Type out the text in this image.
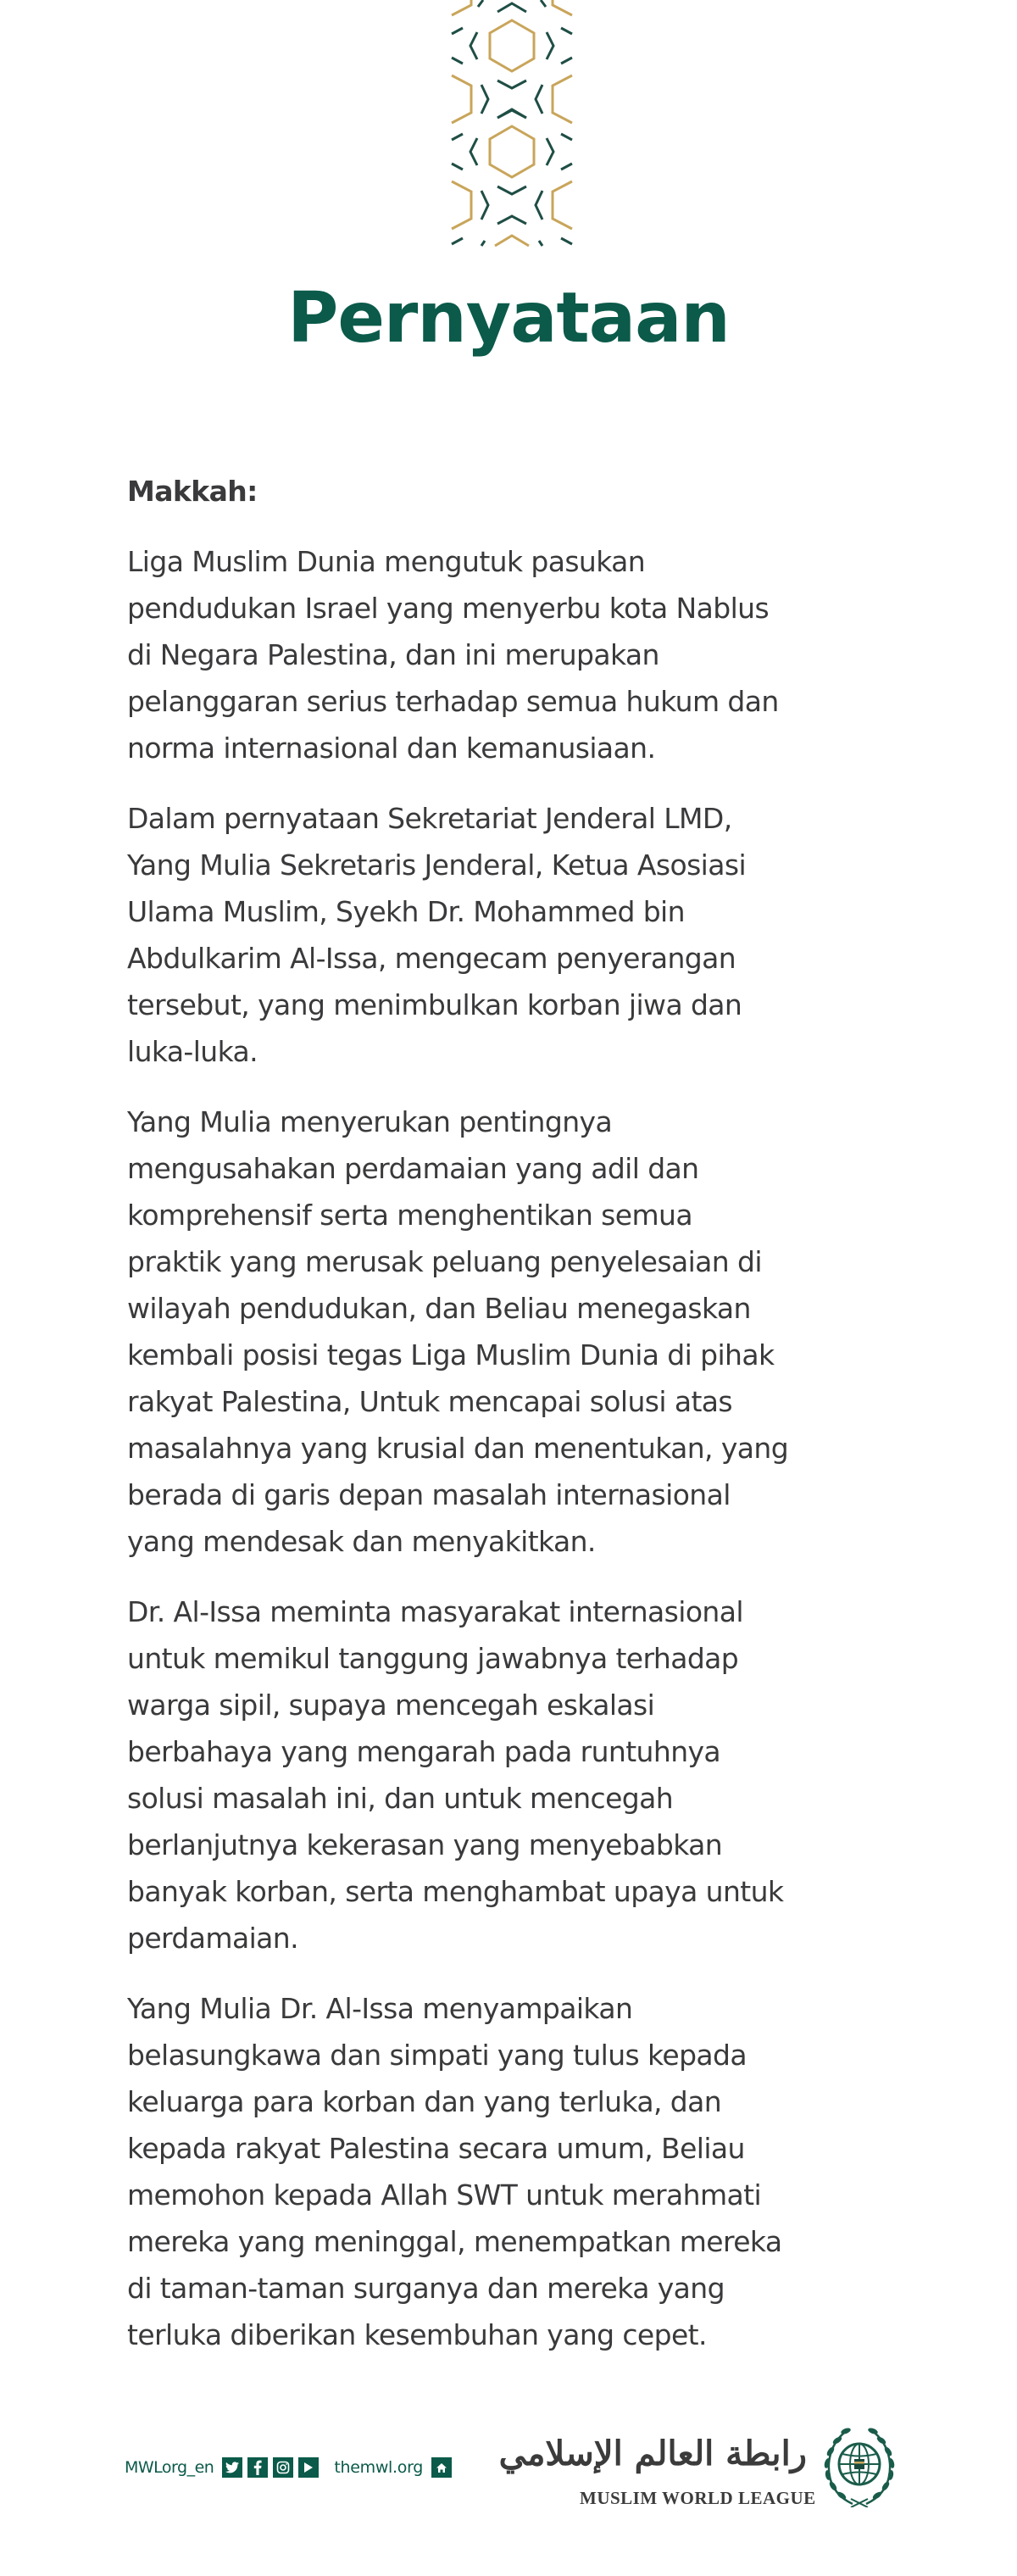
Pernyataan
Makkah:
Liga Muslim Dunia mengutuk pasukan
pendudukan Israel yang menyerbu kota Nablus
di Negara Palestina, dan ini merupakan
pelanggaran serius terhadap semua hukum dan
norma internasional dan kemanusiaan.
Dalam pernyataan Sekretariat Jenderal LMD,
Yang Mulia Sekretaris Jenderal, Ketua Asosiasi
Ulama Muslim, Syekh Dr. Mohammed bin
Abdulkarim Al-Issa, mengecam penyerangan
tersebut, yang menimbulkan korban jiwa dan
luka-luka.
Yang Mulia menyerukan pentingnya
mengusahakan perdamaian yang adil dan
komprehensif serta menghentikan semua
praktik yang merusak peluang penyelesaian di
wilayah pendudukan, dan Beliau menegaskan
kembali posisi tegas Liga Muslim Dunia di pihak
rakyat Palestina, Untuk mencapai solusi atas
masalahnya yang krusial dan menentukan, yang
berada di garis depan masalah internasional
yang mendesak dan menyakitkan.
Dr. Al-Issa meminta masyarakat internasional
untuk memikul tanggung jawabnya terhadap
warga sipil, supaya mencegah eskalasi
berbahaya yang mengarah pada runtuhnya
solusi masalah ini, dan untuk mencegah
berlanjutnya kekerasan yang menyebabkan
banyak korban, serta menghambat upaya untuk
perdamaian.
Yang Mulia Dr. Al-Issa menyampaikan
belasungkawa dan simpati yang tulus kepada
keluarga para korban dan yang terluka, dan
kepada rakyat Palestina secara umum, Beliau
memohon kepada Allah SWT untuk merahmati
mereka yang meninggal, menempatkan mereka
di taman-taman surganya dan mereka yang
terluka diberikan kesembuhan yang cepet.
MWLorg_en	themwl.org رابطة العالم الإسلامي
MUSLIM WORLD LEAGUE
